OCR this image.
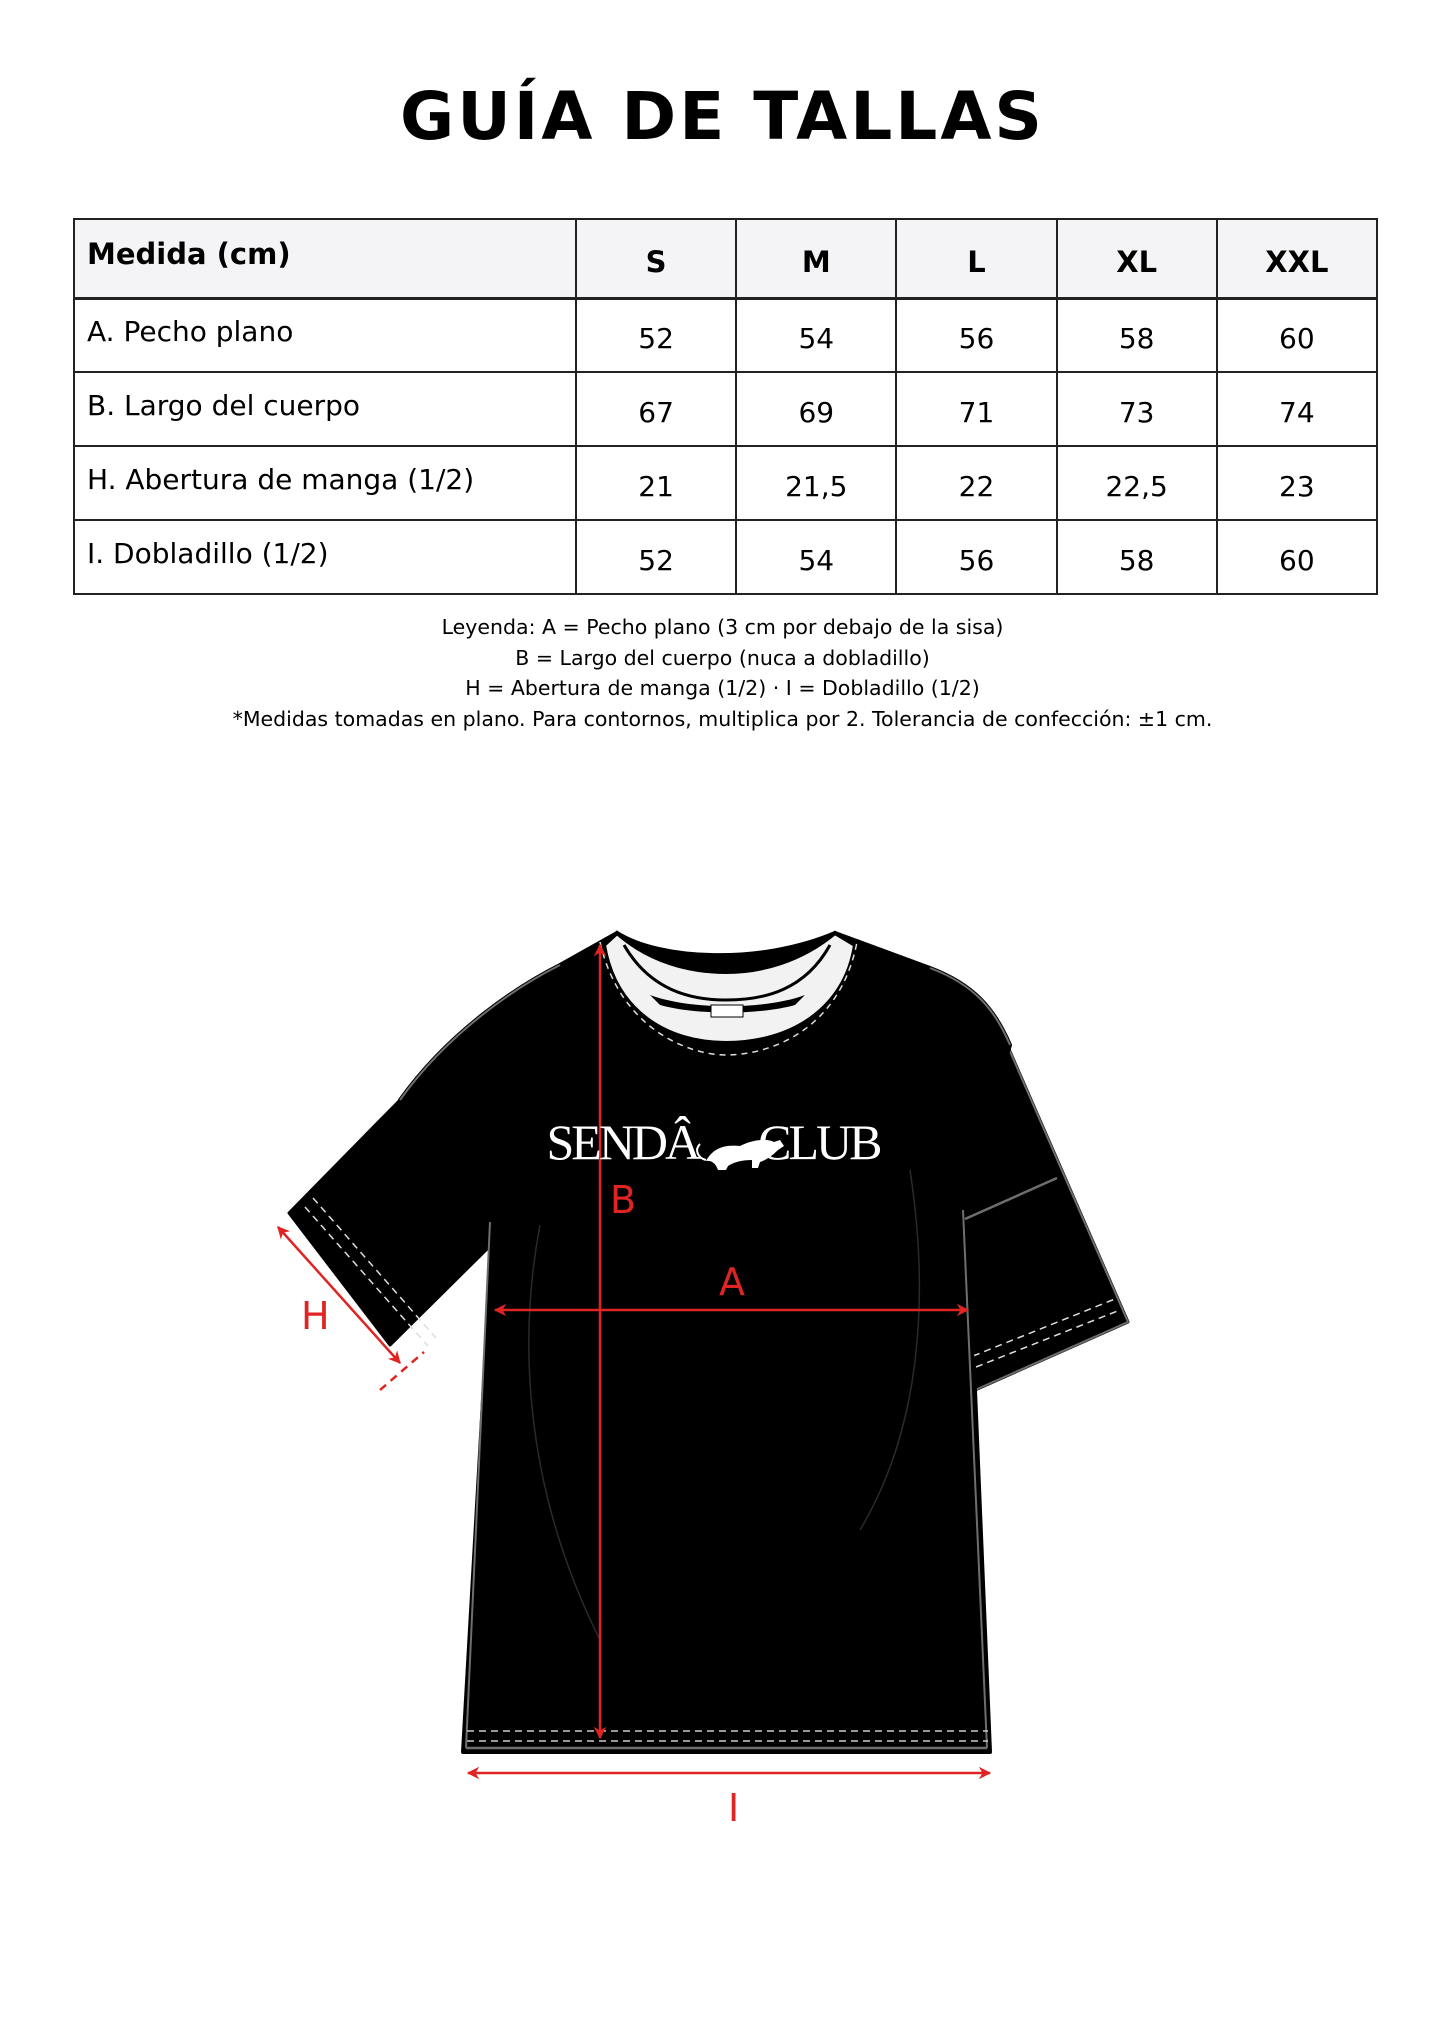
GUÍA DE TALLAS
Medida (cm)	S	M	L	XL	XXL
A. Pecho plano	52	54	56	58	60
B. Largo del cuerpo	67	69	71	73	74
H. Abertura de manga (1/2)	21	21,5	22	22,5	23
I. Dobladillo (1/2)	52	54	56	58	60
Leyenda: A = Pecho plano (3 cm por debajo de la sisa)
B = Largo del cuerpo (nuca a dobladillo)
H = Abertura de manga (1/2) · I = Dobladillo (1/2)
*Medidas tomadas en plano. Para contornos, multiplica por 2. Tolerancia de confección: ±1 cm.
SENDÂ CLUB
B
A
H
I
